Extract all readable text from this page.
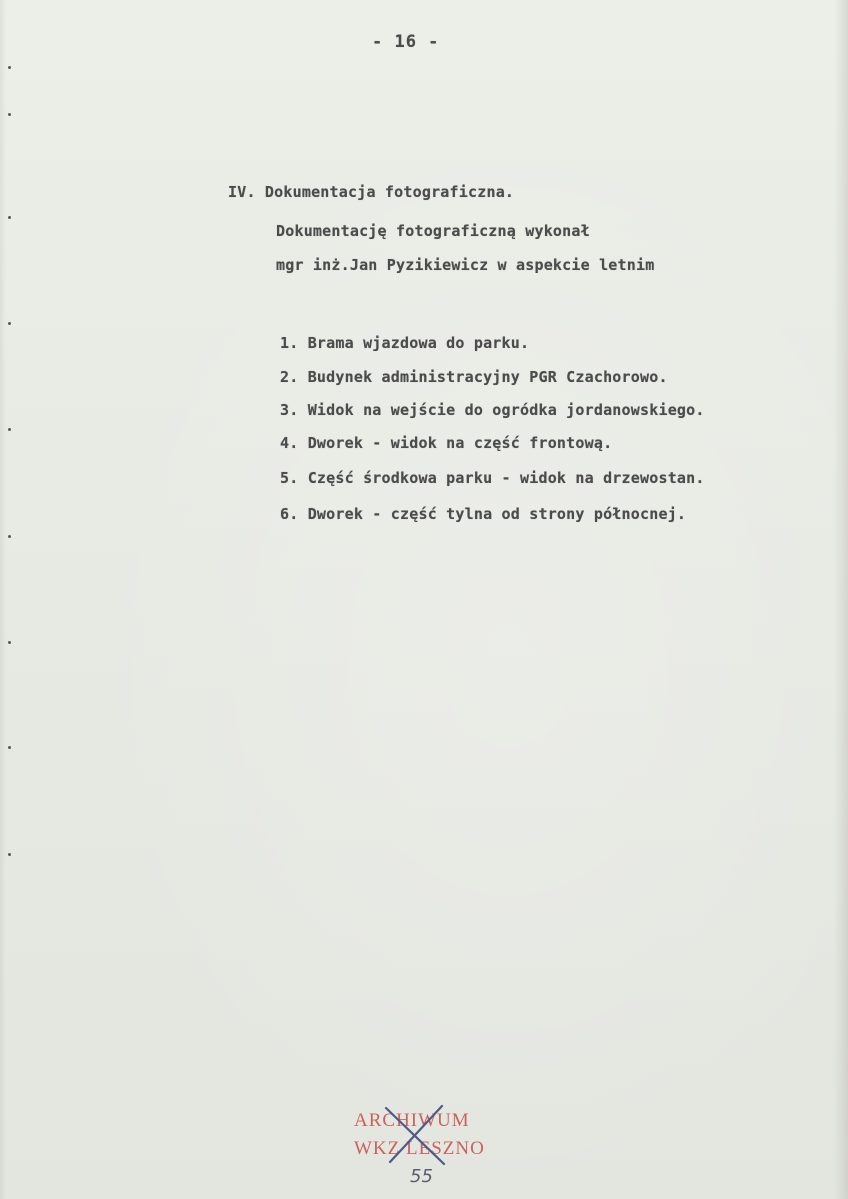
- 16 -
IV. Dokumentacja fotograficzna.
Dokumentację fotograficzną wykonał
mgr inż.Jan Pyzikiewicz w aspekcie letnim
1. Brama wjazdowa do parku.
2. Budynek administracyjny PGR Czachorowo.
3. Widok na wejście do ogródka jordanowskiego.
4. Dworek - widok na część frontową.
5. Część środkowa parku - widok na drzewostan.
6. Dworek - część tylna od strony północnej.
ARCHIWUM
WKZ LESZNO
55
